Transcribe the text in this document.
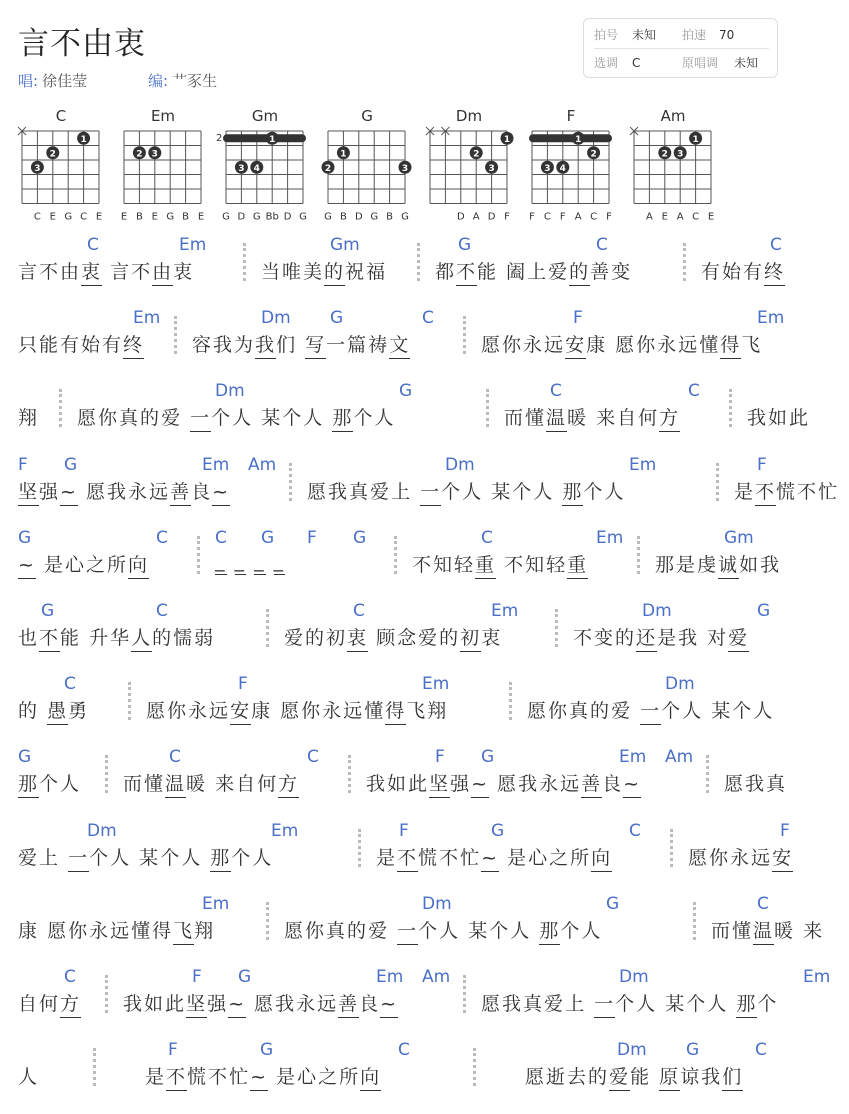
言不由衷
唱: 徐佳莹	编: 艹豕生
拍号 未知 拍速 70
选调 C	原唱调 未知
C
1
2
3
C E G C E
Em
2 3
E B E G B E
Gm
2	1
3 4
G D G Bb D G
G
1
2	3
G B D G B G
Dm
1
2
3
D A D F
F
1
2
3 4
F C F A C F
Am
1
2 3
A E A C E
言不由衷 言不由衷
C	Em
当唯美的祝福
Gm
都不能 阖上爱的善变
G	C
有始有终
C
只能有始有终
Em
容我为我们 写一篇祷文
Dm G	C
愿你永远安康 愿你永远懂得飞
F	Em
翔 愿你真的爱 一个人 某个人 那个人
Dm	G
而懂温暖 来自何方
C	C
我如此
坚强~ 愿我永远善良~
F G	Em Am
愿我真爱上 一个人 某个人 那个人
Dm	Em
是不慌不忙
F
~ 是心之所向
G	C
_ _ _ _
C G F G
不知轻重 不知轻重
C	Em
那是虔诚如我
Gm
也不能 升华人的懦弱
G	C
爱的初衷 顾念爱的初衷
C	Em
不变的还是我 对爱
Dm	G
的 愚勇
C
愿你永远安康 愿你永远懂得飞翔
F	Em
愿你真的爱 一个人 某个人
Dm
那个人
G
而懂温暖 来自何方
C	C
我如此坚强~ 愿我永远善良~
F G	Em Am
愿我真
爱上 一个人 某个人 那个人
Dm	Em
是不慌不忙~ 是心之所向
F	G	C
愿你永远安
F
康 愿你永远懂得飞翔
Em
愿你真的爱 一个人 某个人 那个人
Dm	G
而懂温暖 来
C
自何方
C
我如此坚强~ 愿我永远善良~
F G	Em Am
愿我真爱上 一个人 某个人 那个
Dm	Em
人	是不慌不忙~ 是心之所向
F	G	C
愿逝去的爱能 原谅我们
Dm G	C
